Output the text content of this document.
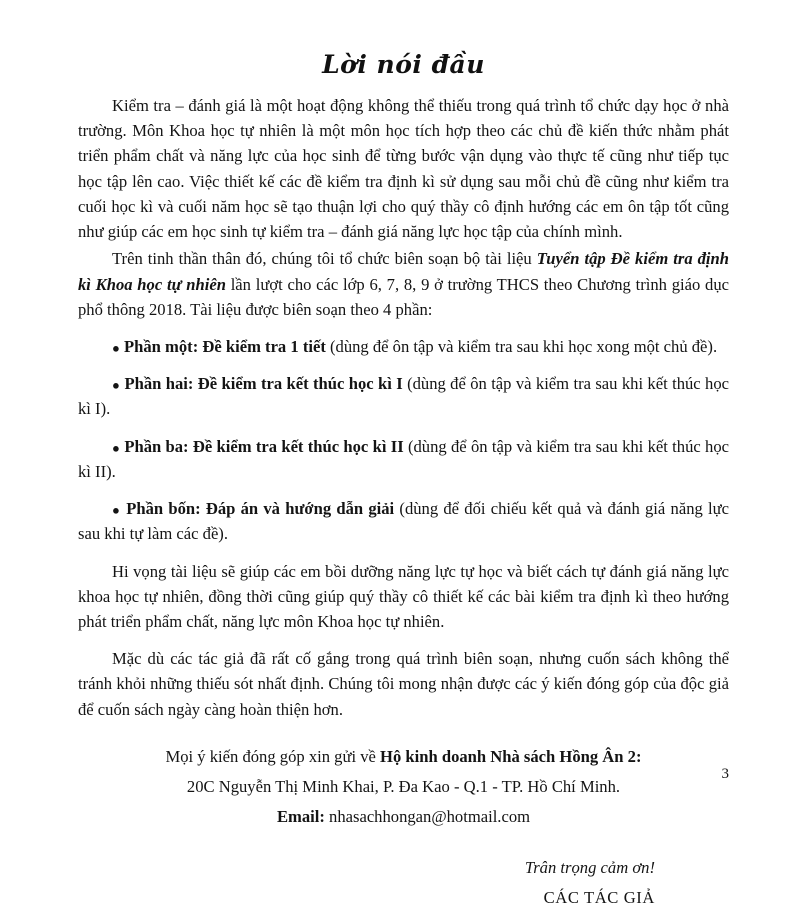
Lời nói đầu

Kiểm tra – đánh giá là một hoạt động không thể thiếu trong quá trình tổ chức dạy học ở nhà trường. Môn Khoa học tự nhiên là một môn học tích hợp theo các chủ đề kiến thức nhằm phát triển phẩm chất và năng lực của học sinh để từng bước vận dụng vào thực tế cũng như tiếp tục học tập lên cao. Việc thiết kế các đề kiểm tra định kì sử dụng sau mỗi chủ đề cũng như kiểm tra cuối học kì và cuối năm học sẽ tạo thuận lợi cho quý thầy cô định hướng các em ôn tập tốt cũng như giúp các em học sinh tự kiểm tra – đánh giá năng lực học tập của chính mình.

Trên tinh thần thân đó, chúng tôi tổ chức biên soạn bộ tài liệu Tuyển tập Đề kiểm tra định kì Khoa học tự nhiên lần lượt cho các lớp 6, 7, 8, 9 ở trường THCS theo Chương trình giáo dục phổ thông 2018. Tài liệu được biên soạn theo 4 phần:

● Phần một: Đề kiểm tra 1 tiết (dùng để ôn tập và kiểm tra sau khi học xong một chủ đề).

● Phần hai: Đề kiểm tra kết thúc học kì I (dùng để ôn tập và kiểm tra sau khi kết thúc học kì I).

● Phần ba: Đề kiểm tra kết thúc học kì II (dùng để ôn tập và kiểm tra sau khi kết thúc học kì II).

● Phần bốn: Đáp án và hướng dẫn giải (dùng để đối chiếu kết quả và đánh giá năng lực sau khi tự làm các đề).

Hi vọng tài liệu sẽ giúp các em bồi dưỡng năng lực tự học và biết cách tự đánh giá năng lực khoa học tự nhiên, đồng thời cũng giúp quý thầy cô thiết kế các bài kiểm tra định kì theo hướng phát triển phẩm chất, năng lực môn Khoa học tự nhiên.

Mặc dù các tác giả đã rất cố gắng trong quá trình biên soạn, nhưng cuốn sách không thể tránh khỏi những thiếu sót nhất định. Chúng tôi mong nhận được các ý kiến đóng góp của độc giả để cuốn sách ngày càng hoàn thiện hơn.

Mọi ý kiến đóng góp xin gửi về Hộ kinh doanh Nhà sách Hồng Ân 2:

20C Nguyễn Thị Minh Khai, P. Đa Kao - Q.1 - TP. Hồ Chí Minh.

Email: nhasachhongan@hotmail.com

Trân trọng cảm ơn!

CÁC TÁC GIẢ

3
